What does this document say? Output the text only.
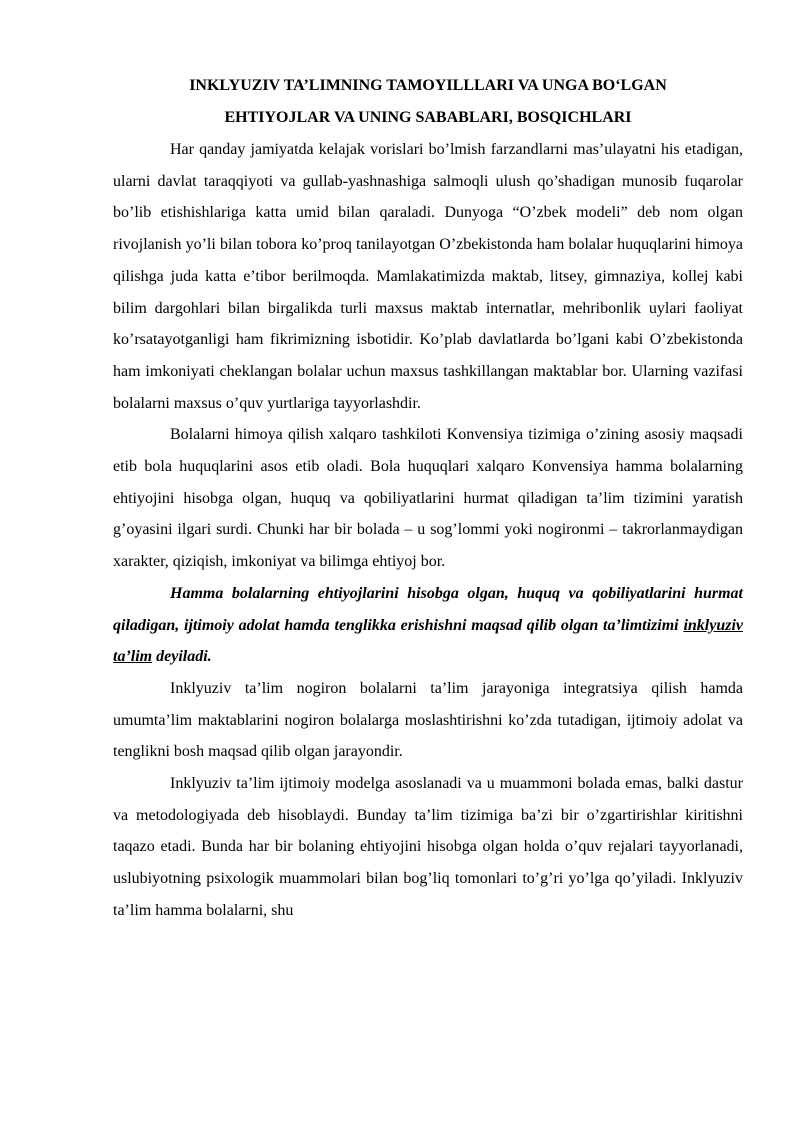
INKLYUZIV TA’LIMNING TAMOYILLLARI VA UNGA BO‘LGAN
EHTIYOJLAR VA UNING SABABLARI, BOSQICHLARI

Har qanday jamiyatda kelajak vorislari bo’lmish farzandlarni mas’ulayatni his etadigan, ularni davlat taraqqiyoti va gullab-yashnashiga salmoqli ulush qo’shadigan munosib fuqarolar bo’lib etishishlariga katta umid bilan qaraladi. Dunyoga “O’zbek modeli” deb nom olgan rivojlanish yo’li bilan tobora ko’proq tanilayotgan O’zbekistonda ham bolalar huquqlarini himoya qilishga juda katta e’tibor berilmoqda. Mamlakatimizda maktab, litsey, gimnaziya, kollej kabi bilim dargohlari bilan birgalikda turli maxsus maktab internatlar, mehribonlik uylari faoliyat ko’rsatayotganligi ham fikrimizning isbotidir. Ko’plab davlatlarda bo’lgani kabi O’zbekistonda ham imkoniyati cheklangan bolalar uchun maxsus tashkillangan maktablar bor. Ularning vazifasi bolalarni maxsus o’quv yurtlariga tayyorlashdir.

Bolalarni himoya qilish xalqaro tashkiloti Konvensiya tizimiga o’zining asosiy maqsadi etib bola huquqlarini asos etib oladi. Bola huquqlari xalqaro Konvensiya hamma bolalarning ehtiyojini hisobga olgan, huquq va qobiliyatlarini hurmat qiladigan ta’lim tizimini yaratish g’oyasini ilgari surdi. Chunki har bir bolada – u sog’lommi yoki nogironmi – takrorlanmaydigan xarakter, qiziqish, imkoniyat va bilimga ehtiyoj bor.

Hamma bolalarning ehtiyojlarini hisobga olgan, huquq va qobiliyatlarini hurmat qiladigan, ijtimoiy adolat hamda tenglikka erishishni maqsad qilib olgan ta’limtizimi inklyuziv ta’lim deyiladi.

Inklyuziv ta’lim nogiron bolalarni ta’lim jarayoniga integratsiya qilish hamda umumta’lim maktablarini nogiron bolalarga moslashtirishni ko’zda tutadigan, ijtimoiy adolat va tenglikni bosh maqsad qilib olgan jarayondir.

Inklyuziv ta’lim ijtimoiy modelga asoslanadi va u muammoni bolada emas, balki dastur va metodologiyada deb hisoblaydi. Bunday ta’lim tizimiga ba’zi bir o’zgartirishlar kiritishni taqazo etadi. Bunda har bir bolaning ehtiyojini hisobga olgan holda o’quv rejalari tayyorlanadi, uslubiyotning psixologik muammolari bilan bog’liq tomonlari to’g’ri yo’lga qo’yiladi. Inklyuziv ta’lim hamma bolalarni, shu
